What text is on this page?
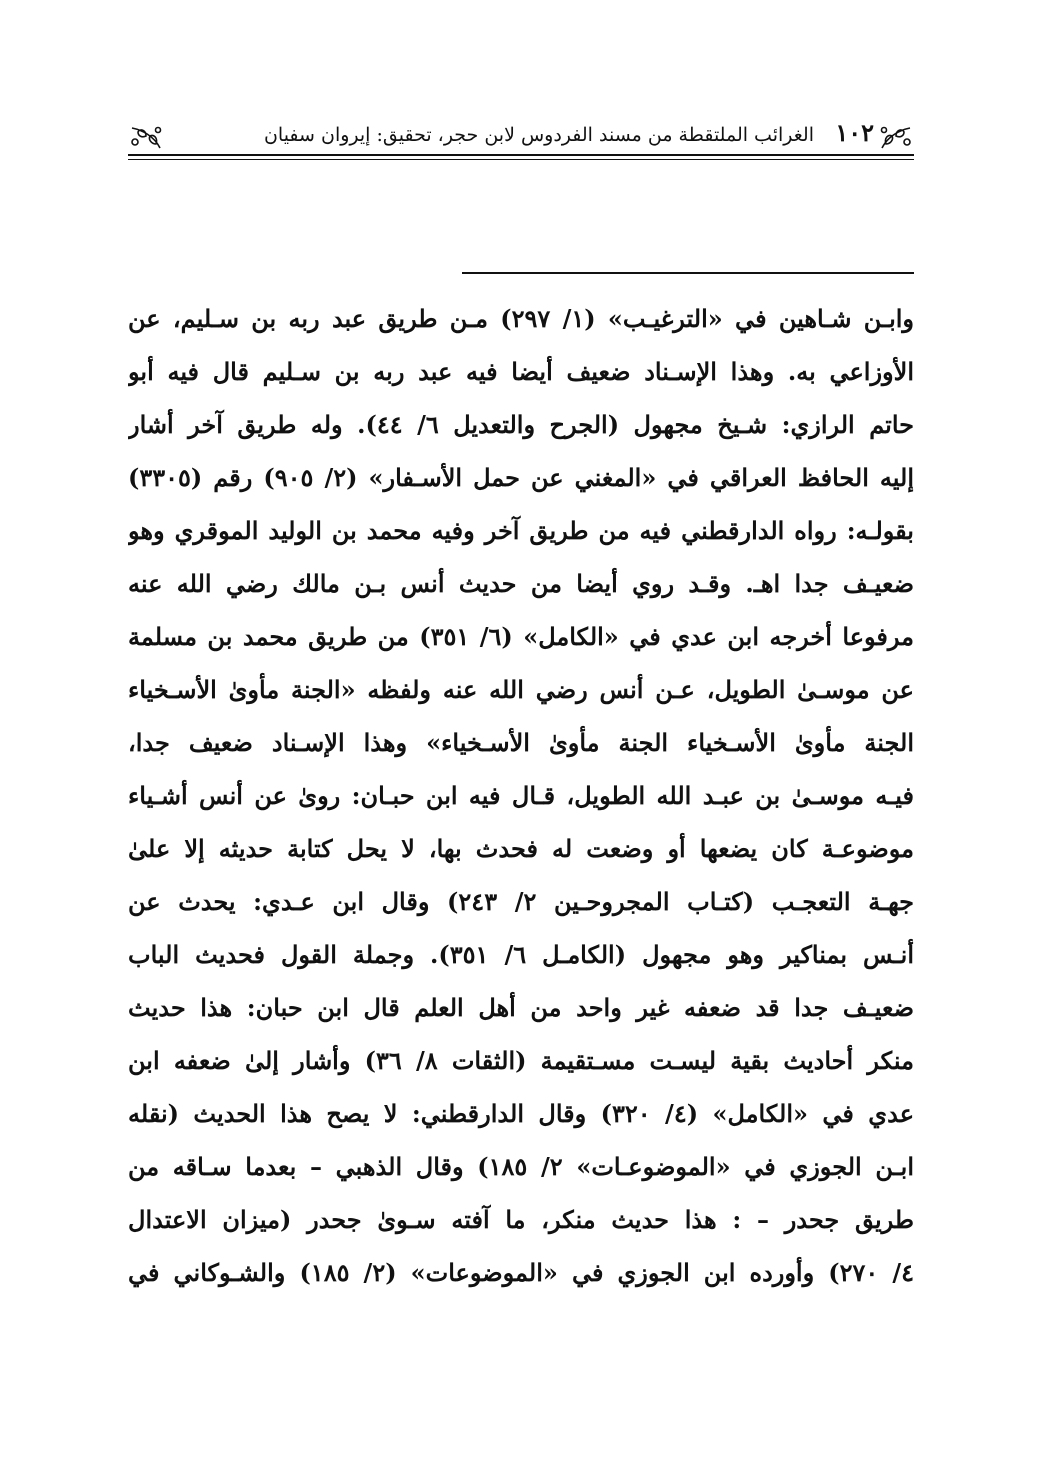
١٠٢
الغرائب الملتقطة من مسند الفردوس لابن حجر، تحقيق: إيروان سفيان
وابـن شـاهين في «الترغيـب» (١/ ٢٩٧) مـن طريق عبد ربه بن سـليم، عن
الأوزاعي به. وهذا الإسـناد ضعيف أيضا فيه عبد ربه بن سـليم قال فيه أبو
حاتم الرازي: شـيخ مجهول (الجرح والتعديل ٦/ ٤٤). وله طريق آخر أشار
إليه الحافظ العراقي في «المغني عن حمل الأسـفار» (٢/ ٩٠٥) رقم (٣٣٠٥)
بقولـه: رواه الدارقطني فيه من طريق آخر وفيه محمد بن الوليد الموقري وهو
ضعيـف جدا اهـ. وقـد روي أيضا من حديث أنس بـن مالك رضي الله عنه
مرفوعا أخرجه ابن عدي في «الكامل» (٦/ ٣٥١) من طريق محمد بن مسلمة
عن موسـىٰ الطويل، عـن أنس رضي الله عنه ولفظه «الجنة مأوىٰ الأسـخياء
الجنة مأوىٰ الأسـخياء الجنة مأوىٰ الأسـخياء» وهذا الإسـناد ضعيف جدا،
فيـه موسـىٰ بن عبـد الله الطويل، قـال فيه ابن حبـان: روىٰ عن أنس أشـياء
موضوعـة كان يضعها أو وضعت له فحدث بها، لا يحل كتابة حديثه إلا علىٰ
جهـة التعجـب (كتـاب المجروحـين ٢/ ٢٤٣) وقال ابن عـدي: يحدث عن
أنـس بمناكير وهو مجهول (الكامـل ٦/ ٣٥١). وجملة القول فحديث الباب
ضعيـف جدا قد ضعفه غير واحد من أهل العلم قال ابن حبان: هذا حديث
منكر أحاديث بقية ليسـت مسـتقيمة (الثقات ٨/ ٣٦) وأشار إلىٰ ضعفه ابن
عدي في «الكامل» (٤/ ٣٢٠) وقال الدارقطني: لا يصح هذا الحديث (نقله
ابـن الجوزي في «الموضوعـات» ٢/ ١٨٥) وقال الذهبي – بعدما سـاقه من
طريق جحدر – : هذا حديث منكر، ما آفته سـوىٰ جحدر (ميزان الاعتدال
٤/ ٢٧٠) وأورده ابن الجوزي في «الموضوعات» (٢/ ١٨٥) والشـوكاني في
